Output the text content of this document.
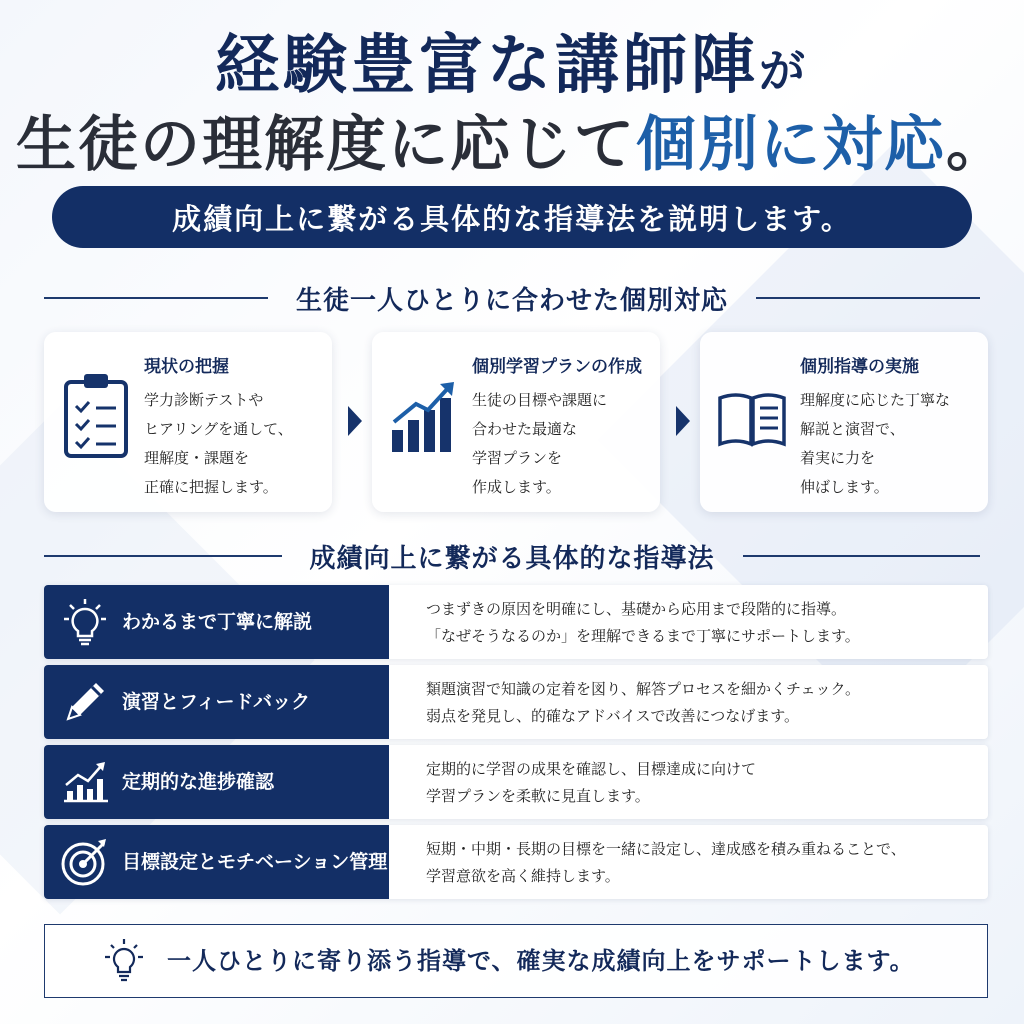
経験豊富な講師陣が
生徒の理解度に応じて個別に対応。
成績向上に繋がる具体的な指導法を説明します。
生徒一人ひとりに合わせた個別対応
現状の把握
学力診断テストや
ヒアリングを通して、
理解度・課題を
正確に把握します。
個別学習プランの作成
生徒の目標や課題に
合わせた最適な
学習プランを
作成します。
個別指導の実施
理解度に応じた丁寧な
解説と演習で、
着実に力を
伸ばします。
成績向上に繋がる具体的な指導法
わかるまで丁寧に解説
つまずきの原因を明確にし、基礎から応用まで段階的に指導。
「なぜそうなるのか」を理解できるまで丁寧にサポートします。
演習とフィードバック
類題演習で知識の定着を図り、解答プロセスを細かくチェック。
弱点を発見し、的確なアドバイスで改善につなげます。
定期的な進捗確認
定期的に学習の成果を確認し、目標達成に向けて
学習プランを柔軟に見直します。
目標設定とモチベーション管理
短期・中期・長期の目標を一緒に設定し、達成感を積み重ねることで、
学習意欲を高く維持します。
一人ひとりに寄り添う指導で、確実な成績向上をサポートします。
